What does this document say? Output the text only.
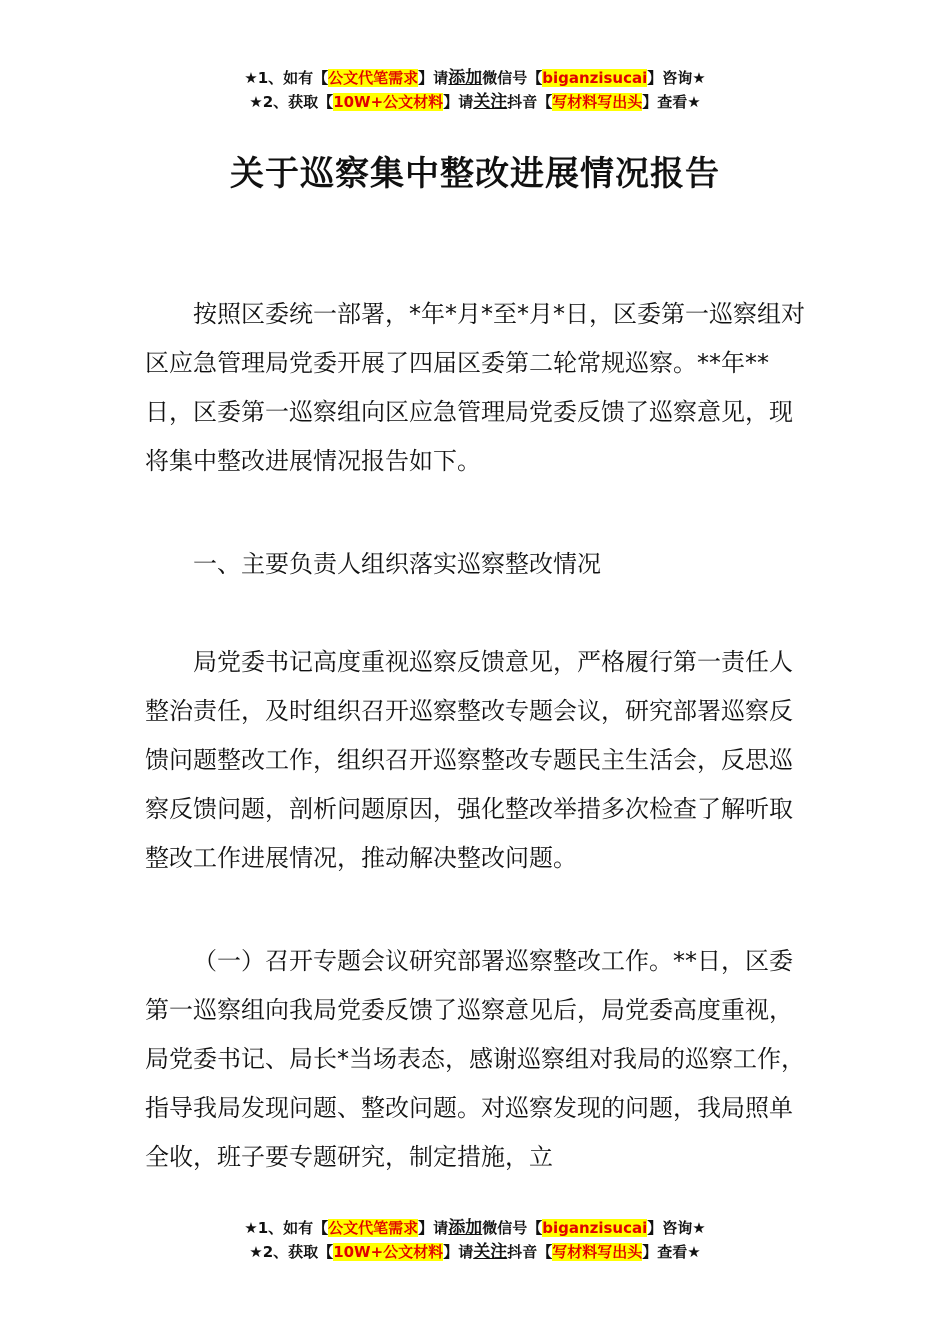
★1、如有【公文代笔需求】请添加微信号【biganzisucai】咨询★
★2、获取【10W+公文材料】请关注抖音【写材料写出头】查看★
关于巡察集中整改进展情况报告

按照区委统一部署，*年*月*至*月*日，区委第一巡察组对区应急管理局党委开展了四届区委第二轮常规巡察。**年**日，区委第一巡察组向区应急管理局党委反馈了巡察意见，现将集中整改进展情况报告如下。

一、主要负责人组织落实巡察整改情况

局党委书记高度重视巡察反馈意见，严格履行第一责任人整治责任，及时组织召开巡察整改专题会议，研究部署巡察反馈问题整改工作，组织召开巡察整改专题民主生活会，反思巡察反馈问题，剖析问题原因，强化整改举措多次检查了解听取整改工作进展情况，推动解决整改问题。

（一）召开专题会议研究部署巡察整改工作。**日，区委第一巡察组向我局党委反馈了巡察意见后，局党委高度重视，局党委书记、局长*当场表态，感谢巡察组对我局的巡察工作，指导我局发现问题、整改问题。对巡察发现的问题，我局照单全收，班子要专题研究，制定措施，立

★1、如有【公文代笔需求】请添加微信号【biganzisucai】咨询★
★2、获取【10W+公文材料】请关注抖音【写材料写出头】查看★
